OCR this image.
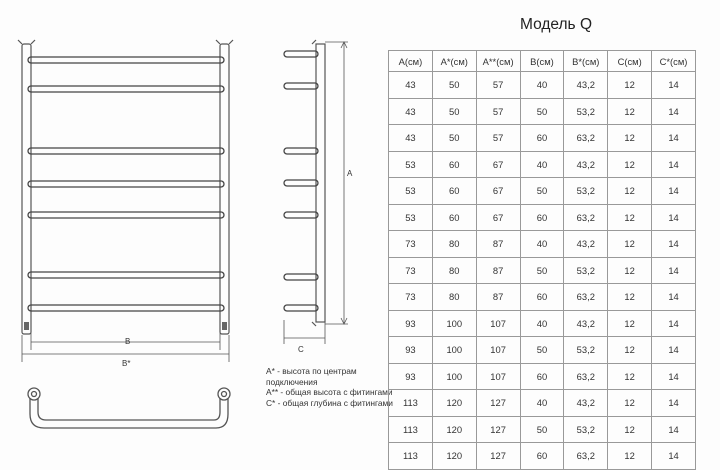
B
B*
A
C
A* - высота по центрам подключения
A** - общая высота с фитингами
C* - общая глубина с фитингами
Модель Q
А(см)	А*(см)	А**(см)	В(см)	В*(см)	С(см)	С*(см)
43	50	57	40	43,2	12	14
43	50	57	50	53,2	12	14
43	50	57	60	63,2	12	14
53	60	67	40	43,2	12	14
53	60	67	50	53,2	12	14
53	60	67	60	63,2	12	14
73	80	87	40	43,2	12	14
73	80	87	50	53,2	12	14
73	80	87	60	63,2	12	14
93	100	107	40	43,2	12	14
93	100	107	50	53,2	12	14
93	100	107	60	63,2	12	14
113	120	127	40	43,2	12	14
113	120	127	50	53,2	12	14
113	120	127	60	63,2	12	14
